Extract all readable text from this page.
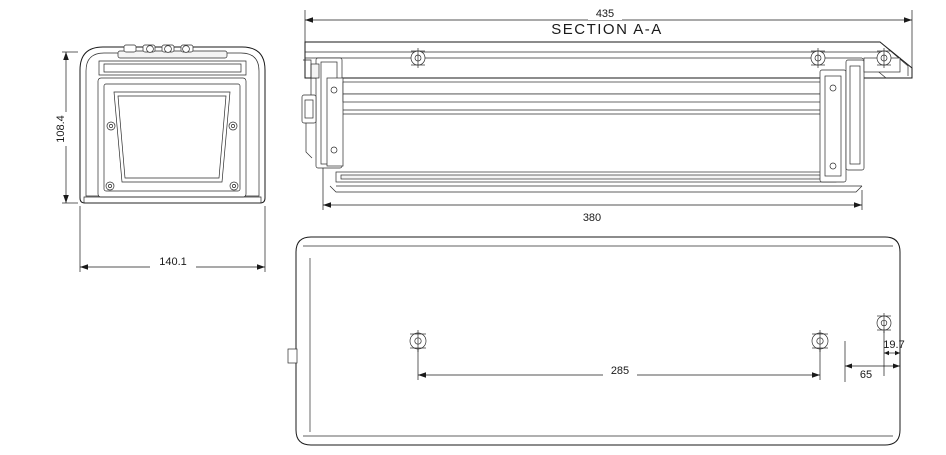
108.4
140.1
SECTION A-A
435
380
285
19.7
65
